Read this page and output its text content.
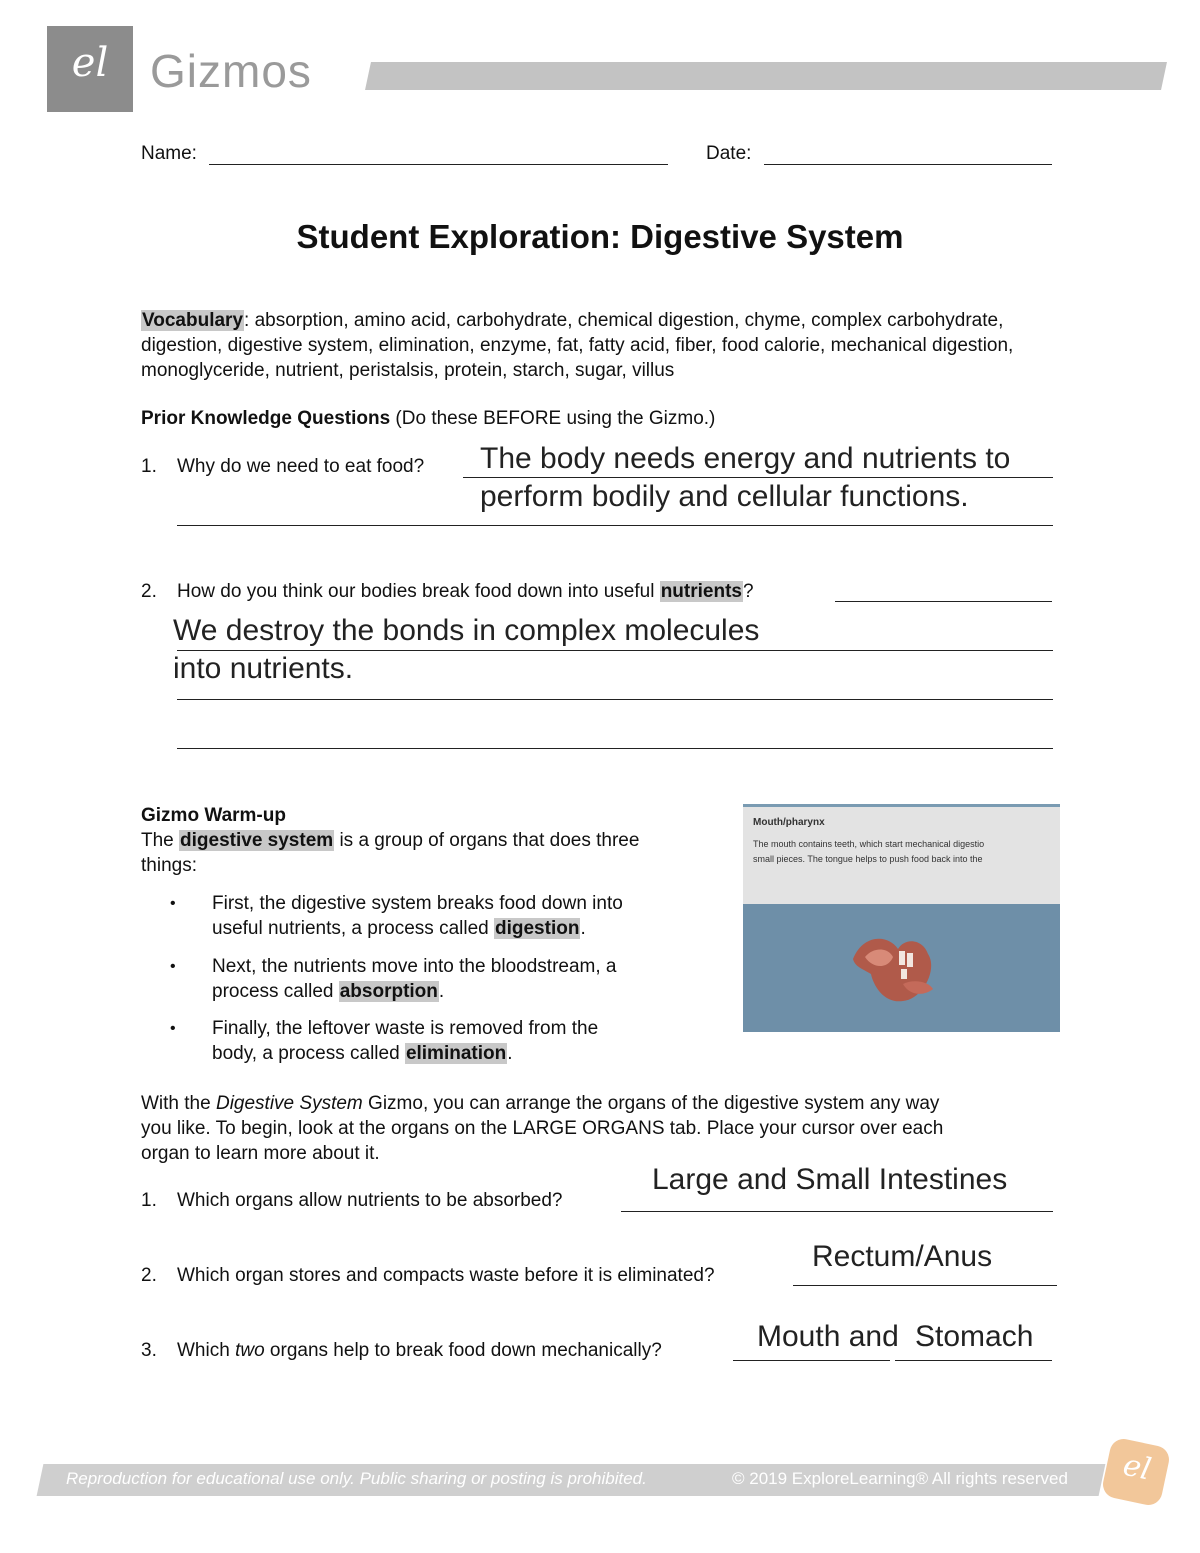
el Gizmos
Name:	Date:
Student Exploration: Digestive System
Vocabulary: absorption, amino acid, carbohydrate, chemical digestion, chyme, complex carbohydrate, digestion, digestive system, elimination, enzyme, fat, fatty acid, fiber, food calorie, mechanical digestion, monoglyceride, nutrient, peristalsis, protein, starch, sugar, villus
Prior Knowledge Questions (Do these BEFORE using the Gizmo.)
1. Why do we need to eat food? The body needs energy and nutrients to
perform bodily and cellular functions.
2. How do you think our bodies break food down into useful nutrients?
We destroy the bonds in complex molecules
into nutrients.
Gizmo Warm-up
The digestive system is a group of organs that does three
things:
• First, the digestive system breaks food down into
useful nutrients, a process called digestion.
• Next, the nutrients move into the bloodstream, a
process called absorption.
• Finally, the leftover waste is removed from the
body, a process called elimination.
Mouth/pharynx
The mouth contains teeth, which start mechanical digestio
small pieces. The tongue helps to push food back into the
With the Digestive System Gizmo, you can arrange the organs of the digestive system any way
you like. To begin, look at the organs on the LARGE ORGANS tab. Place your cursor over each
organ to learn more about it.
1. Which organs allow nutrients to be absorbed?
Large and Small Intestines
2. Which organ stores and compacts waste before it is eliminated?
Rectum/Anus
3. Which two organs help to break food down mechanically?	Mouth and Stomach
Reproduction for educational use only. Public sharing or posting is prohibited.	© 2019 ExploreLearning® All rights reserved	el
